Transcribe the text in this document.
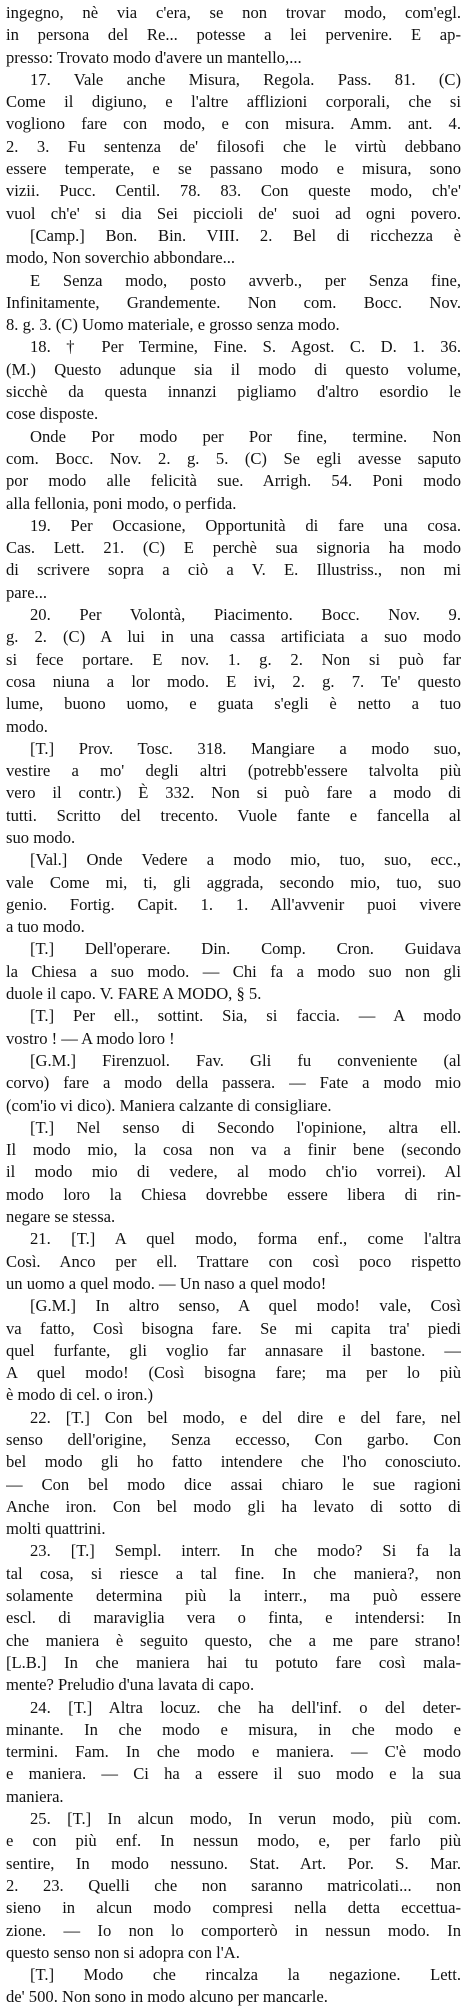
ingegno, nè via c'era, se non trovar modo, com'egl.
in persona del Re... potesse a lei pervenire. E ap-
presso: Trovato modo d'avere un mantello,...
17. Vale anche Misura, Regola. Pass. 81. (C)
Come il digiuno, e l'altre afflizioni corporali, che si
vogliono fare con modo, e con misura. Amm. ant. 4.
2. 3. Fu sentenza de' filosofi che le virtù debbano
essere temperate, e se passano modo e misura, sono
vizii. Pucc. Centil. 78. 83. Con queste modo, ch'e'
vuol ch'e' si dia Sei piccioli de' suoi ad ogni povero.
[Camp.] Bon. Bin. VIII. 2. Bel di ricchezza è
modo, Non soverchio abbondare...
E Senza modo, posto avverb., per Senza fine,
Infinitamente, Grandemente. Non com. Bocc. Nov.
8. g. 3. (C) Uomo materiale, e grosso senza modo.
18. † Per Termine, Fine. S. Agost. C. D. 1. 36.
(M.) Questo adunque sia il modo di questo volume,
sicchè da questa innanzi pigliamo d'altro esordio le
cose disposte.
Onde Por modo per Por fine, termine. Non
com. Bocc. Nov. 2. g. 5. (C) Se egli avesse saputo
por modo alle felicità sue. Arrigh. 54. Poni modo
alla fellonia, poni modo, o perfida.
19. Per Occasione, Opportunità di fare una cosa.
Cas. Lett. 21. (C) E perchè sua signoria ha modo
di scrivere sopra a ciò a V. E. Illustriss., non mi
pare...
20. Per Volontà, Piacimento. Bocc. Nov. 9.
g. 2. (C) A lui in una cassa artificiata a suo modo
si fece portare. E nov. 1. g. 2. Non si può far
cosa niuna a lor modo. E ivi, 2. g. 7. Te' questo
lume, buono uomo, e guata s'egli è netto a tuo
modo.
[T.] Prov. Tosc. 318. Mangiare a modo suo,
vestire a mo' degli altri (potrebb'essere talvolta più
vero il contr.) È 332. Non si può fare a modo di
tutti. Scritto del trecento. Vuole fante e fancella al
suo modo.
[Val.] Onde Vedere a modo mio, tuo, suo, ecc.,
vale Come mi, ti, gli aggrada, secondo mio, tuo, suo
genio. Fortig. Capit. 1. 1. All'avvenir puoi vivere
a tuo modo.
[T.] Dell'operare. Din. Comp. Cron. Guidava
la Chiesa a suo modo. — Chi fa a modo suo non gli
duole il capo. V. FARE A MODO, § 5.
[T.] Per ell., sottint. Sia, si faccia. — A modo
vostro ! — A modo loro !
[G.M.] Firenzuol. Fav. Gli fu conveniente (al
corvo) fare a modo della passera. — Fate a modo mio
(com'io vi dico). Maniera calzante di consigliare.
[T.] Nel senso di Secondo l'opinione, altra ell.
Il modo mio, la cosa non va a finir bene (secondo
il modo mio di vedere, al modo ch'io vorrei). Al
modo loro la Chiesa dovrebbe essere libera di rin-
negare se stessa.
21. [T.] A quel modo, forma enf., come l'altra
Così. Anco per ell. Trattare con così poco rispetto
un uomo a quel modo. — Un naso a quel modo!
[G.M.] In altro senso, A quel modo! vale, Così
va fatto, Così bisogna fare. Se mi capita tra' piedi
quel furfante, gli voglio far annasare il bastone. —
A quel modo! (Così bisogna fare; ma per lo più
è modo di cel. o iron.)
22. [T.] Con bel modo, e del dire e del fare, nel
senso dell'origine, Senza eccesso, Con garbo. Con
bel modo gli ho fatto intendere che l'ho conosciuto.
— Con bel modo dice assai chiaro le sue ragioni
Anche iron. Con bel modo gli ha levato di sotto di
molti quattrini.
23. [T.] Sempl. interr. In che modo? Si fa la
tal cosa, si riesce a tal fine. In che maniera?, non
solamente determina più la interr., ma può essere
escl. di maraviglia vera o finta, e intendersi: In
che maniera è seguito questo, che a me pare strano!
[L.B.] In che maniera hai tu potuto fare così mala-
mente? Preludio d'una lavata di capo.
24. [T.] Altra locuz. che ha dell'inf. o del deter-
minante. In che modo e misura, in che modo e
termini. Fam. In che modo e maniera. — C'è modo
e maniera. — Ci ha a essere il suo modo e la sua
maniera.
25. [T.] In alcun modo, In verun modo, più com.
e con più enf. In nessun modo, e, per farlo più
sentire, In modo nessuno. Stat. Art. Por. S. Mar.
2. 23. Quelli che non saranno matricolati... non
sieno in alcun modo compresi nella detta eccettua-
zione. — Io non lo comporterò in nessun modo. In
questo senso non si adopra con l'A.
[T.] Modo che rincalza la negazione. Lett.
de' 500. Non sono in modo alcuno per mancarle.
